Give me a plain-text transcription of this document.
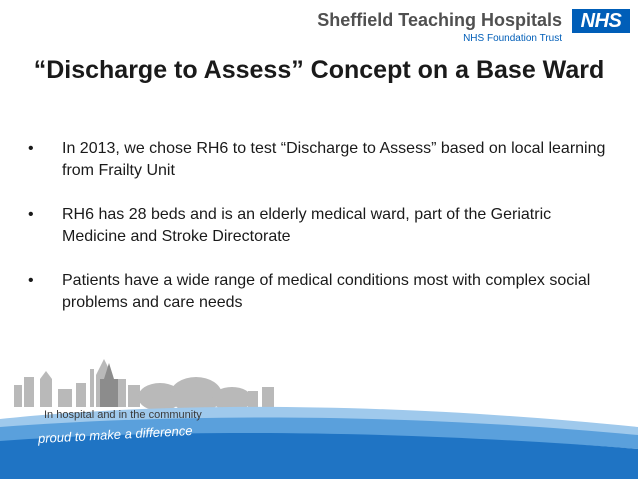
Sheffield Teaching Hospitals
NHS Foundation Trust
NHS
“Discharge to Assess” Concept on a Base Ward
• In 2013, we chose RH6 to test “Discharge to Assess” based on local learning from Frailty Unit
• RH6 has 28 beds and is an elderly medical ward, part of the Geriatric Medicine and Stroke Directorate
• Patients have a wide range of medical conditions most with complex social problems and care needs
In hospital and in the community
proud to make a difference
